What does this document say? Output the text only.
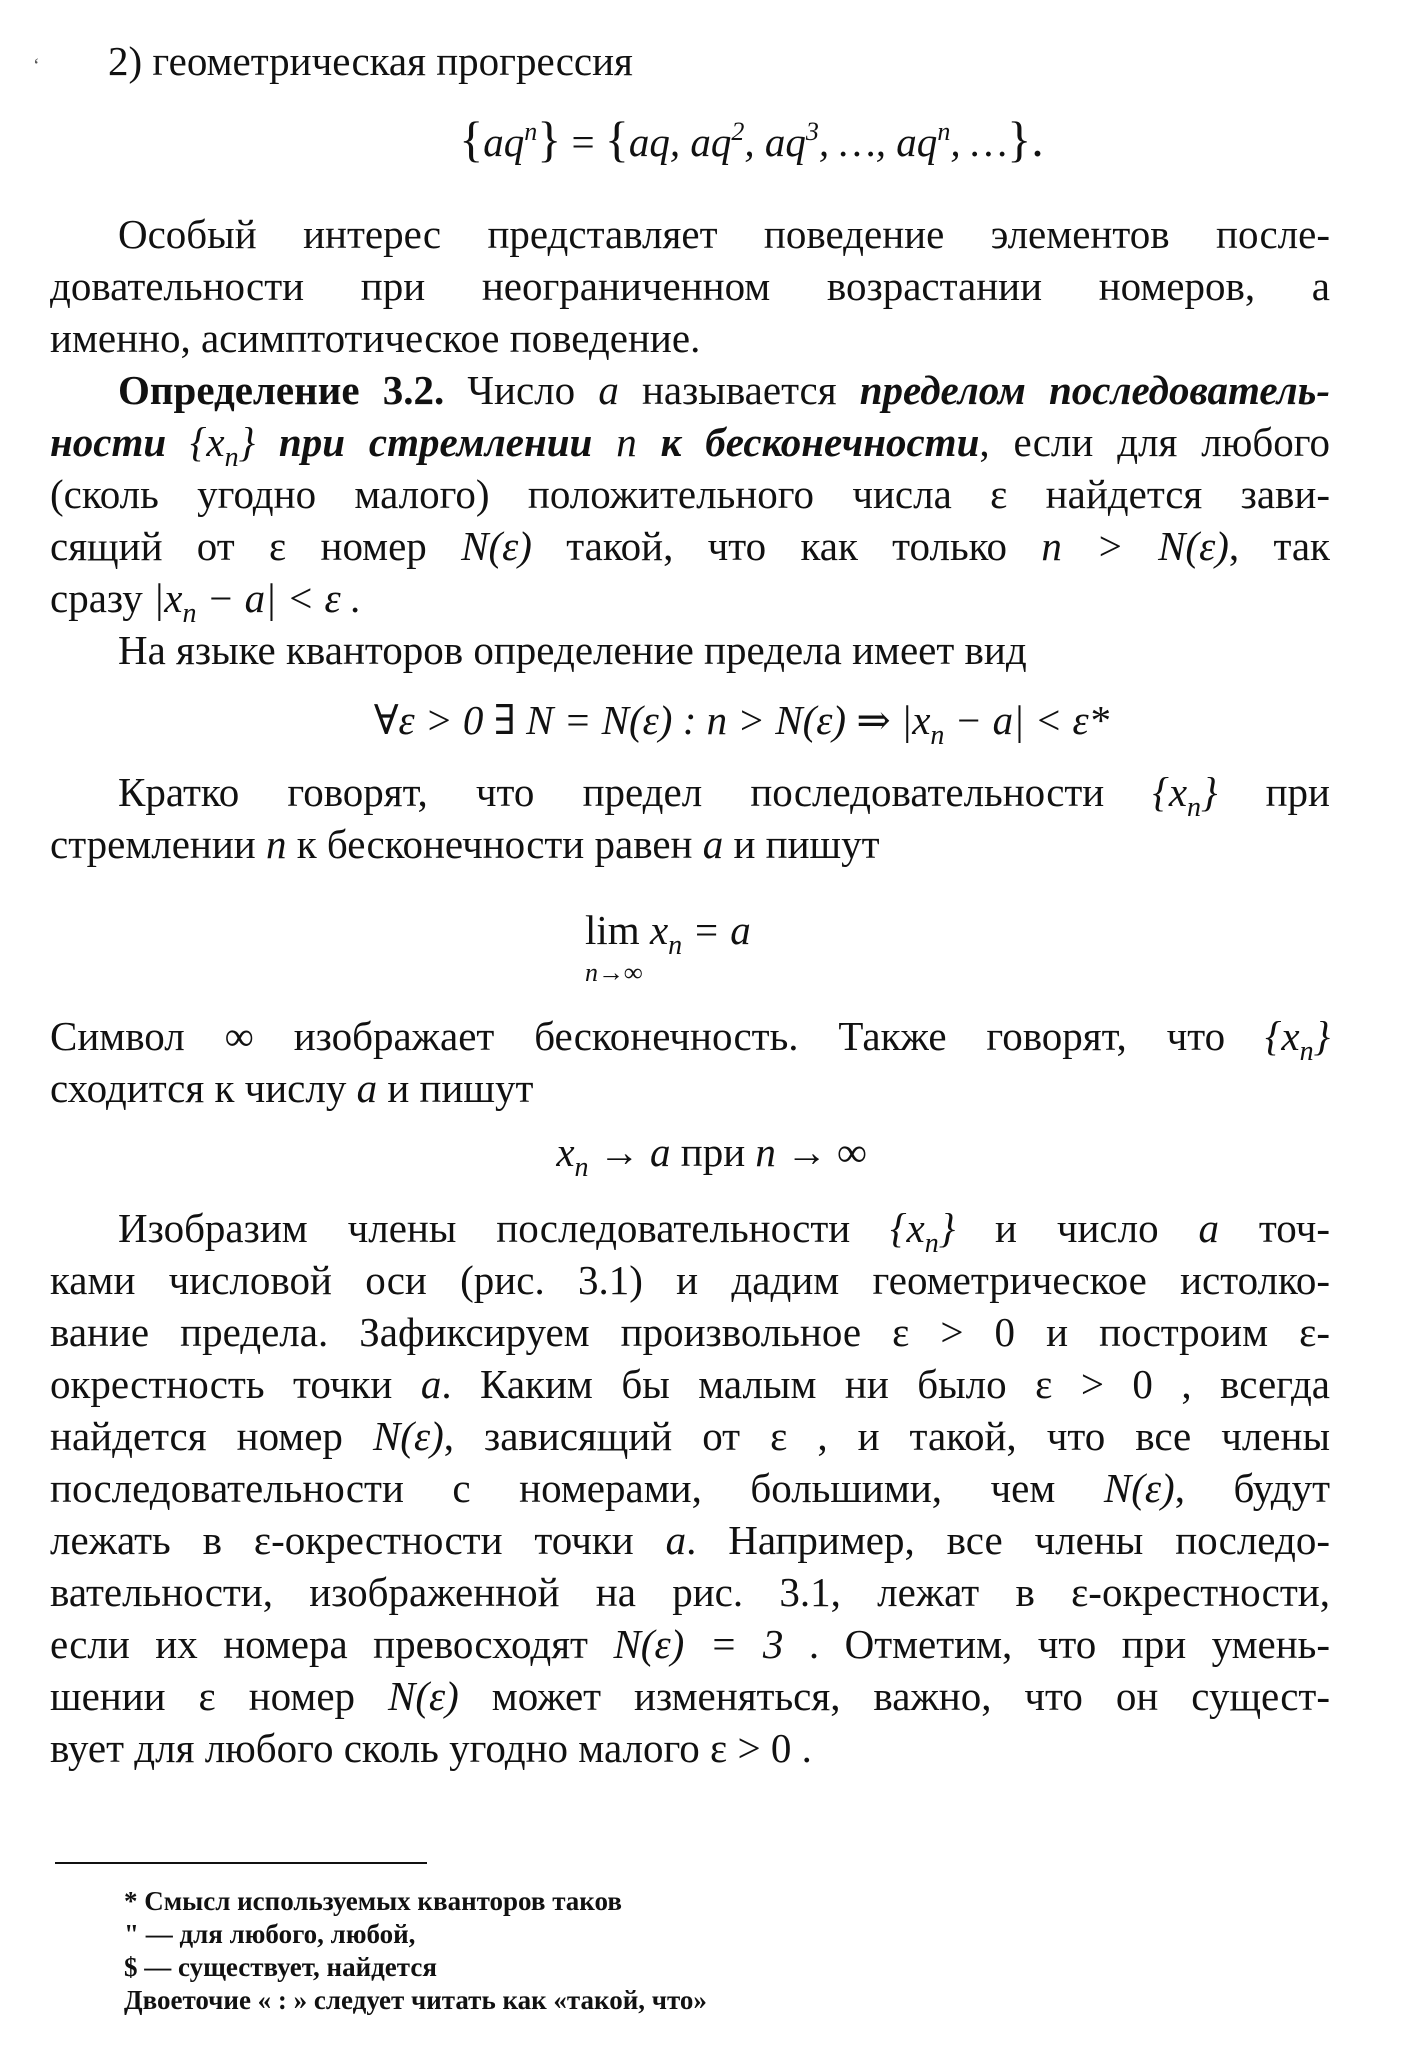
ʻ 2) геометрическая прогрессия
$\{aq^n\} = \{aq$, $aq^2$, $aq^3$, …, $aq^n$, …}.
Особый интерес представляет поведение элементов после-
довательности при неограниченном возрастании номеров, а
именно, асимптотическое поведение.
Определение 3.2. Число a называется пределом последователь-
ности $\{x_n\}$ при стремлении n к бесконечности, если для любого
(сколь угодно малого) положительного числа ε найдется зави-
сящий от ε номер N(ε) такой, что как только n > N(ε), так
сразу $|x_n - a| < \varepsilon$ .
На языке кванторов определение предела имеет вид
∀ε > 0 ∃ N = N(ε) : n > N(ε) ⇒ $|x_n - a| < \varepsilon*$
Кратко говорят, что предел последовательности $\{x_n\}$ при
стремлении n к бесконечности равен a и пишут
$\lim x_n = a$
n→∞
Символ ∞ изображает бесконечность. Также говорят, что $\{x_n\}$
сходится к числу a и пишут
$x_n \to a$ при n → ∞
Изобразим члены последовательности $\{x_n\}$ и число a точ-
ками числовой оси (рис. 3.1) и дадим геометрическое истолко-
вание предела. Зафиксируем произвольное ε > 0 и построим ε-
окрестность точки a. Каким бы малым ни было ε > 0 , всегда
найдется номер N(ε), зависящий от ε , и такой, что все члены
последовательности с номерами, большими, чем N(ε), будут
лежать в ε-окрестности точки a. Например, все члены последо-
вательности, изображенной на рис. 3.1, лежат в ε-окрестности,
если их номера превосходят N(ε) = 3 . Отметим, что при умень-
шении ε номер N(ε) может изменяться, важно, что он сущест-
вует для любого сколь угодно малого ε > 0 .
* Смысл используемых кванторов таков
" — для любого, любой,
$ — существует, найдется
Двоеточие « : » следует читать как «такой, что»
